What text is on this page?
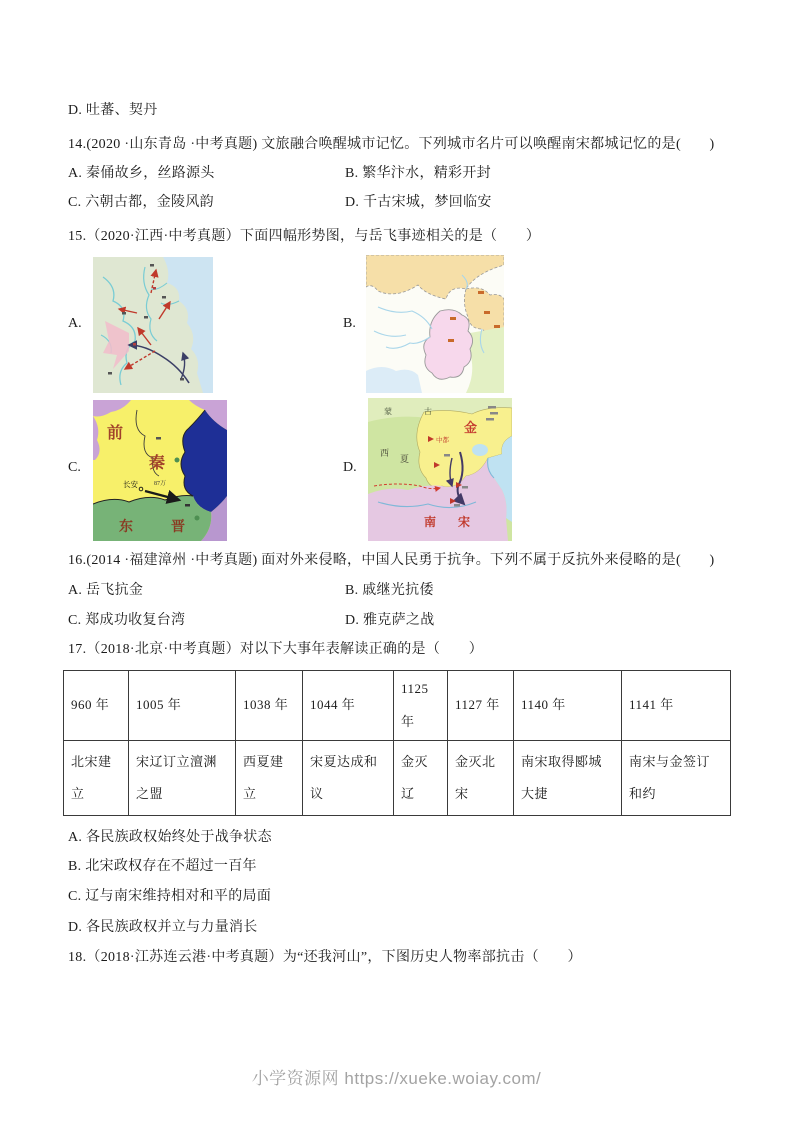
D. 吐蕃、契丹
14.(2020 ·山东青岛 ·中考真题) 文旅融合唤醒城市记忆。下列城市名片可以唤醒南宋都城记忆的是(　　)
A. 秦俑故乡，丝路源头	B. 繁华汴水，精彩开封
C. 六朝古都，金陵风韵	D. 千古宋城，梦回临安
15.（2020·江西·中考真题）下面四幅形势图，与岳飞事迹相关的是（　　）
A.	B.
C.
前
秦
东	晋
长安	87万
D.
蒙	古
金
西
夏
南 宋
中都
16.(2014 ·福建漳州 ·中考真题) 面对外来侵略，中国人民勇于抗争。下列不属于反抗外来侵略的是(　　)
A. 岳飞抗金	B. 戚继光抗倭
C. 郑成功收复台湾	D. 雅克萨之战
17.（2018·北京·中考真题）对以下大事年表解读正确的是（　　）
960 年	1005 年	1038 年	1044 年	1125 年	1127 年	1140 年	1141 年
北宋建立	宋辽订立澶渊之盟	西夏建立	宋夏达成和议	金灭辽	金灭北宋	南宋取得郾城大捷	南宋与金签订和约
A. 各民族政权始终处于战争状态
B. 北宋政权存在不超过一百年
C. 辽与南宋维持相对和平的局面
D. 各民族政权并立与力量消长
18.（2018·江苏连云港·中考真题）为“还我河山”，下图历史人物率部抗击（　　）
小学资源网 https://xueke.woiay.com/
